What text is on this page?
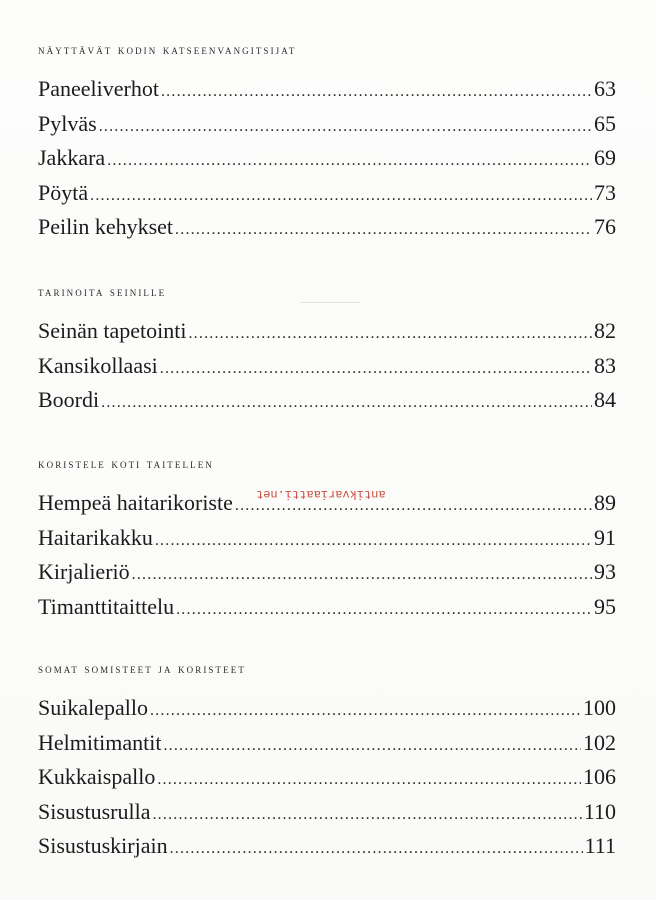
näyttävät kodin katseenvangitsijat
Paneeliverhot .....	63
Pylväs .....	65
Jakkara .....	69
Pöytä .....	73
Peilin kehykset .....	76
tarinoita seinille
Seinän tapetointi .....	82
Kansikollaasi .....	83
Boordi .....	84
koristele koti taitellen
Hempeä haitarikoriste .....	89
Haitarikakku .....	91
Kirjalieriö .....	93
Timanttitaittelu .....	95
somat somisteet ja koristeet
Suikalepallo .....	100
Helmitimantit .....	102
Kukkaispallo .....	106
Sisustusrulla .....	110
Sisustuskirjain .....	111
antikvariaatti.net
